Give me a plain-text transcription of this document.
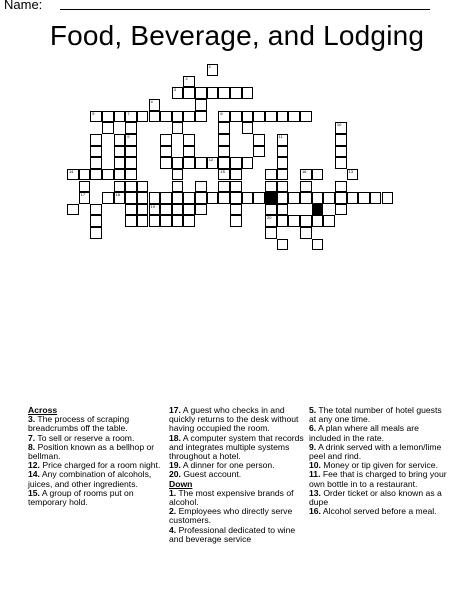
Name:
Food, Beverage, and Lodging
1
2
3
4
5	7	6
10
9	11
12
14	15	16	13
17	18
19
20
Across
3. The process of scraping breadcrumbs off the table.
7. To sell or reserve a room.
8. Position known as a bellhop or bellman.
12. Price charged for a room night.
14. Any combination of alcohols, juices, and other ingredients.
15. A group of rooms put on temporary hold.
17. A guest who checks in and quickly returns to the desk without having occupied the room.
18. A computer system that records and integrates multiple systems throughout a hotel.
19. A dinner for one person.
20. Guest account.
Down
1. The most expensive brands of alcohol.
2. Employees who directly serve customers.
4. Professional dedicated to wine and beverage service
5. The total number of hotel guests at any one time.
6. A plan where all meals are included in the rate.
9. A drink served with a lemon/lime peel and rind.
10. Money or tip given for service.
11. Fee that is charged to bring your own bottle in to a restaurant.
13. Order ticket or also known as a dupe
16. Alcohol served before a meal.
